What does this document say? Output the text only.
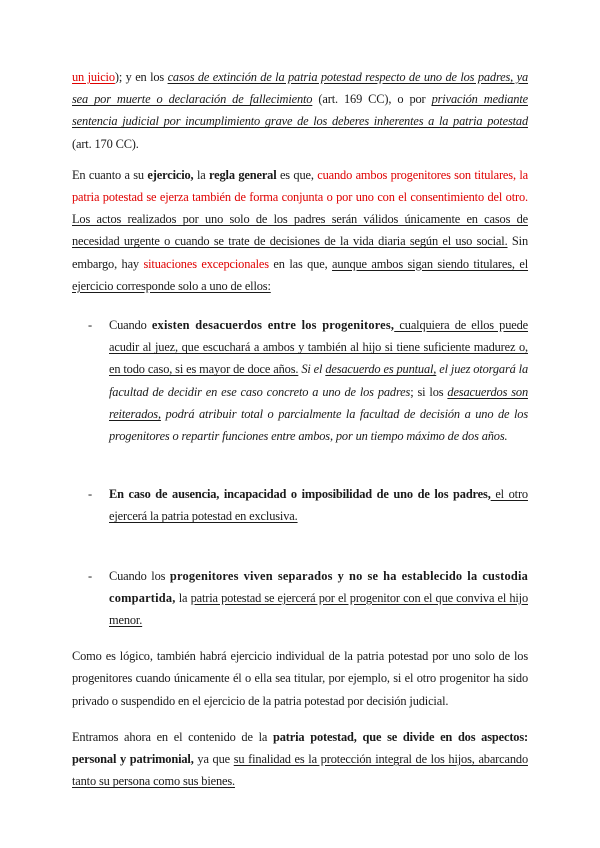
un juicio); y en los casos de extinción de la patria potestad respecto de uno de los padres, ya sea por muerte o declaración de fallecimiento (art. 169 CC), o por privación mediante sentencia judicial por incumplimiento grave de los deberes inherentes a la patria potestad (art. 170 CC).

En cuanto a su ejercicio, la regla general es que, cuando ambos progenitores son titulares, la patria potestad se ejerza también de forma conjunta o por uno con el consentimiento del otro. Los actos realizados por uno solo de los padres serán válidos únicamente en casos de necesidad urgente o cuando se trate de decisiones de la vida diaria según el uso social. Sin embargo, hay situaciones excepcionales en las que, aunque ambos sigan siendo titulares, el ejercicio corresponde solo a uno de ellos:

- Cuando existen desacuerdos entre los progenitores, cualquiera de ellos puede acudir al juez, que escuchará a ambos y también al hijo si tiene suficiente madurez o, en todo caso, si es mayor de doce años. Si el desacuerdo es puntual, el juez otorgará la facultad de decidir en ese caso concreto a uno de los padres; si los desacuerdos son reiterados, podrá atribuir total o parcialmente la facultad de decisión a uno de los progenitores o repartir funciones entre ambos, por un tiempo máximo de dos años.
- En caso de ausencia, incapacidad o imposibilidad de uno de los padres, el otro ejercerá la patria potestad en exclusiva.
- Cuando los progenitores viven separados y no se ha establecido la custodia compartida, la patria potestad se ejercerá por el progenitor con el que conviva el hijo menor.

Como es lógico, también habrá ejercicio individual de la patria potestad por uno solo de los progenitores cuando únicamente él o ella sea titular, por ejemplo, si el otro progenitor ha sido privado o suspendido en el ejercicio de la patria potestad por decisión judicial.

Entramos ahora en el contenido de la patria potestad, que se divide en dos aspectos: personal y patrimonial, ya que su finalidad es la protección integral de los hijos, abarcando tanto su persona como sus bienes.
